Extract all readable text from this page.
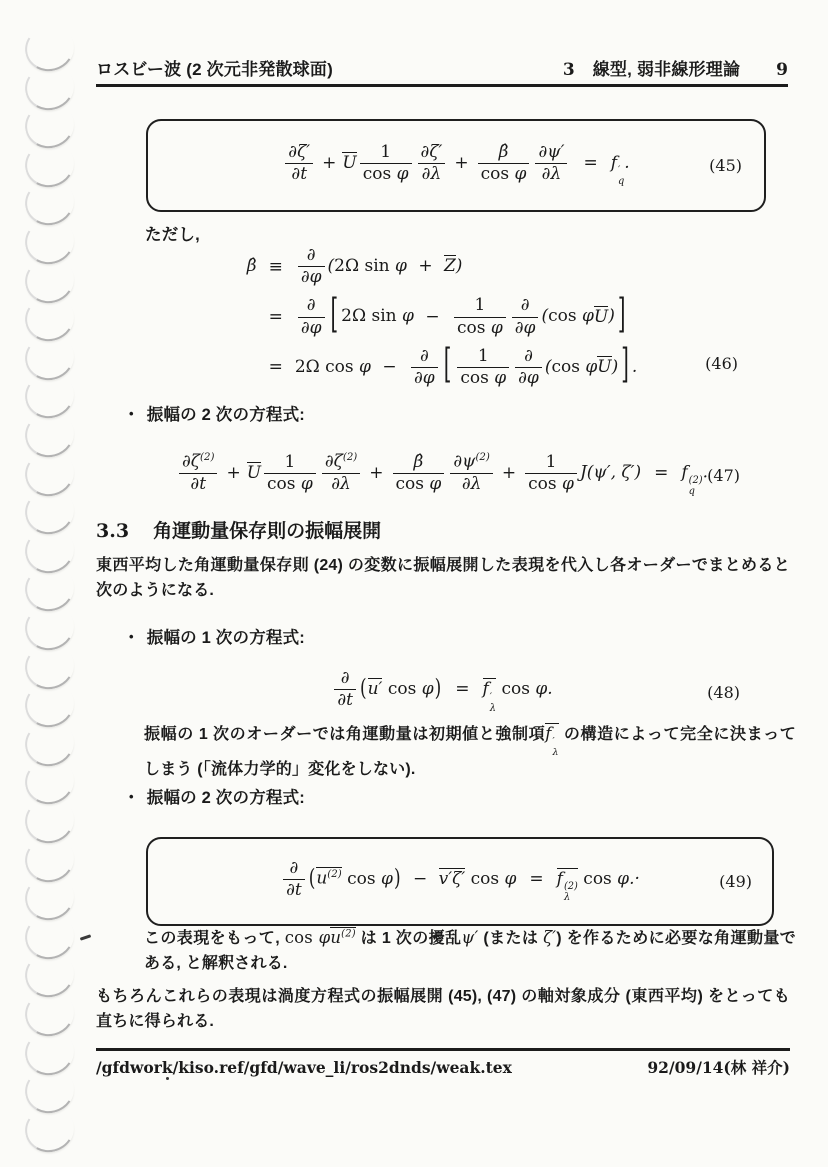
ロスビー波 (2 次元非発散球面)	3 線型, 弱非線形理論 9
$\frac{\partial\zeta'}{\partial t} + U \frac{1}{\text{cos φ}} \frac{\partial\zeta'}{\partial\lambda} + \frac{\betâ}{\text{cos φ}} \frac{\partial\psi'}{\partial\lambda} = f$ ′
q
.	(45)
ただし,
β̂ ≡
∂
∂φ
(2Ω sin φ + Z)
=
∂
∂φ [ 2Ω $\sin \varphi - \frac{1}{\text{cos φ}}$ ∂
∂φ
(cos φU) ]
= 2Ω cos φ −
∂
∂φ [ $\frac{1}{\text{cos φ}}$ ∂
∂φ
(cos φU) ] .	(46)
• 振幅の 2 次の方程式:
$\frac{\partial\zeta^{(2)}}{\partial t} + U \frac{1}{\text{cos φ}} \frac{\partial\zeta^{(2)}}{\partial\lambda} + \frac{\betâ}{\text{cos φ}} \frac{\partial\psi^{(2)}}{\partial\lambda} + \frac{1}{\text{cos φ}} J(\psi'$, ζ′) = f (2)
q
. (47)
3.3 角運動量保存則の振幅展開

東西平均した角運動量保存則 (24) の変数に振幅展開した表現を代入し各オーダーでまとめると次のようになる.

• 振幅の 1 次の方程式:
∂
∂t (u′ cos φ) = f ′
λ
cos φ.	(48)

振幅の 1 次のオーダーでは角運動量は初期値と強制項f ′
λ
の構造によって完全に決まってしまう (「流体力学的」変化をしない).

• 振幅の 2 次の方程式:
∂
∂t ($u^{(2)}$ cos φ) − v′ζ′ cos φ = f (2)
λ
cos φ.·	(49)

この表現をもって, $\cos \varphi u^{(2)}$ は 1 次の擾乱ψ′ (または ζ′) を作るために必要な角運動量である, と解釈される.

もちろんこれらの表現は渦度方程式の振幅展開 (45), (47) の軸対象成分 (東西平均) をとっても直ちに得られる.

/gfdwork/kiso.ref/gfd/wave_li/ros2dnds/weak.tex	92/09/14(林 祥介)
